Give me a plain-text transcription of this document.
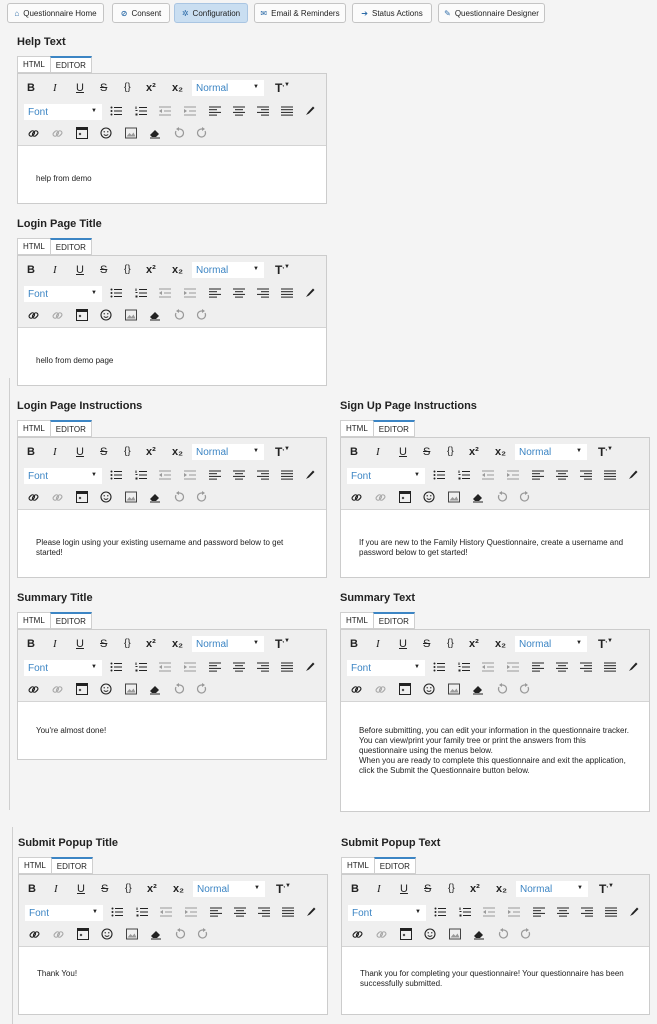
⌂ Questionnaire Home	⊘ Consent	✲ Configuration	✉ Email & Reminders	➔ Status Actions	✎ Questionnaire Designer
Help Text
HTML	EDITOR
B I U S {} x² x₂ Normal	▼ T,▼
Font	▼

help from demo

Login Page Title
HTML	EDITOR
B I U S {} x² x₂ Normal	▼ T,▼
Font	▼

hello from demo page

Login Page Instructions
HTML	EDITOR
B I U S {} x² x₂ Normal	▼ T,▼
Font	▼

Please login using your existing username and password below to get started!

Sign Up Page Instructions
HTML	EDITOR
B I U S {} x² x₂ Normal	▼ T,▼
Font	▼

If you are new to the Family History Questionnaire, create a username and password below to get started!

Summary Title
HTML	EDITOR
B I U S {} x² x₂ Normal	▼ T,▼
Font	▼

You're almost done!

Summary Text
HTML	EDITOR
B I U S {} x² x₂ Normal	▼ T,▼
Font	▼

Before submitting, you can edit your information in the questionnaire tracker.

You can view/print your family tree or print the answers from this questionnaire using the menus below.

When you are ready to complete this questionnaire and exit the application, click the Submit the Questionnaire button below.

Submit Popup Title
HTML	EDITOR
B I U S {} x² x₂ Normal	▼ T,▼
Font	▼

Thank You!

Submit Popup Text
HTML	EDITOR
B I U S {} x² x₂ Normal	▼ T,▼
Font	▼

Thank you for completing your questionnaire! Your questionnaire has been successfully submitted.
